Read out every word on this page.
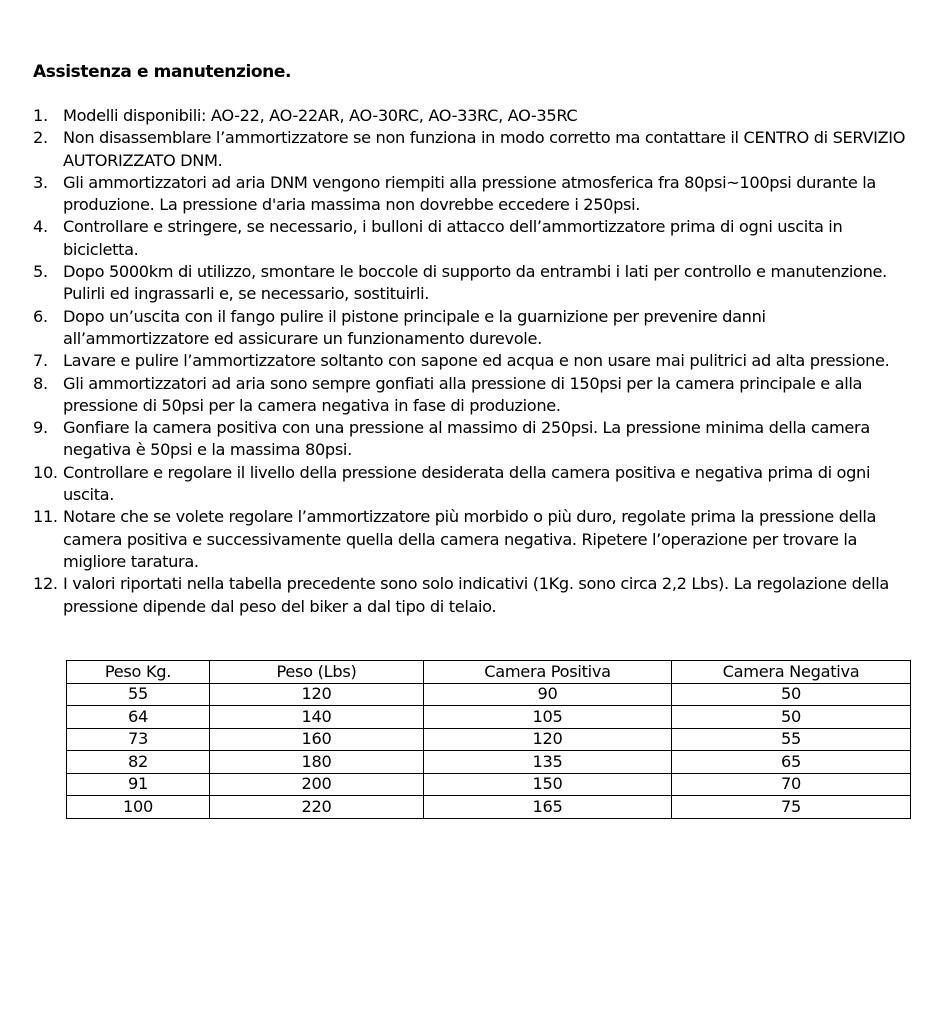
Assistenza e manutenzione.
1. Modelli disponibili: AO-22, AO-22AR, AO-30RC, AO-33RC, AO-35RC
2. Non disassemblare l’ammortizzatore se non funziona in modo corretto ma contattare il CENTRO di SERVIZIO AUTORIZZATO DNM.
3. Gli ammortizzatori ad aria DNM vengono riempiti alla pressione atmosferica fra 80psi~100psi durante la produzione. La pressione d'aria massima non dovrebbe eccedere i 250psi.
4. Controllare e stringere, se necessario, i bulloni di attacco dell’ammortizzatore prima di ogni uscita in bicicletta.
5. Dopo 5000km di utilizzo, smontare le boccole di supporto da entrambi i lati per controllo e manutenzione. Pulirli ed ingrassarli e, se necessario, sostituirli.
6. Dopo un’uscita con il fango pulire il pistone principale e la guarnizione per prevenire danni all’ammortizzatore ed assicurare un funzionamento durevole.
7. Lavare e pulire l’ammortizzatore soltanto con sapone ed acqua e non usare mai pulitrici ad alta pressione.
8. Gli ammortizzatori ad aria sono sempre gonfiati alla pressione di 150psi per la camera principale e alla pressione di 50psi per la camera negativa in fase di produzione.
9. Gonfiare la camera positiva con una pressione al massimo di 250psi. La pressione minima della camera negativa è 50psi e la massima 80psi.
10. Controllare e regolare il livello della pressione desiderata della camera positiva e negativa prima di ogni uscita.
11. Notare che se volete regolare l’ammortizzatore più morbido o più duro, regolate prima la pressione della camera positiva e successivamente quella della camera negativa. Ripetere l’operazione per trovare la migliore taratura.
12. I valori riportati nella tabella precedente sono solo indicativi (1Kg. sono circa 2,2 Lbs). La regolazione della pressione dipende dal peso del biker a dal tipo di telaio.
Peso Kg.	Peso (Lbs)	Camera Positiva	Camera Negativa
55	120	90	50
64	140	105	50
73	160	120	55
82	180	135	65
91	200	150	70
100	220	165	75
